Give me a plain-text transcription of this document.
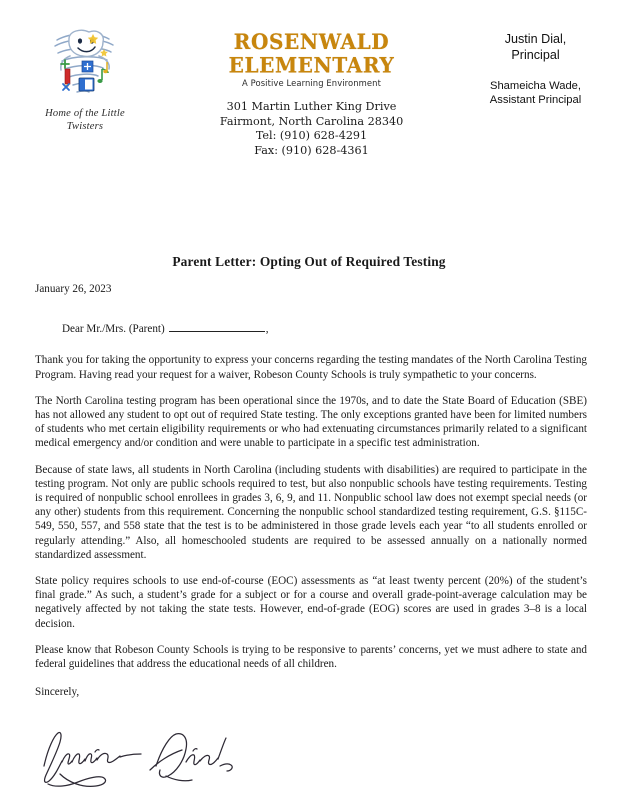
Home of the Little
Twisters
ROSENWALD ELEMENTARY
A Positive Learning Environment
301 Martin Luther King Drive
Fairmont, North Carolina 28340
Tel: (910) 628-4291
Fax: (910) 628-4361
Justin Dial,
Principal
Shameicha Wade,
Assistant Principal
Parent Letter: Opting Out of Required Testing

January 26, 2023

Dear Mr./Mrs. (Parent)	,

Thank you for taking the opportunity to express your concerns regarding the testing mandates of the North Carolina Testing Program. Having read your request for a waiver, Robeson County Schools is truly sympathetic to your concerns.

The North Carolina testing program has been operational since the 1970s, and to date the State Board of Education (SBE) has not allowed any student to opt out of required State testing. The only exceptions granted have been for limited numbers of students who met certain eligibility requirements or who had extenuating circumstances primarily related to a significant medical emergency and/or condition and were unable to participate in a specific test administration.

Because of state laws, all students in North Carolina (including students with disabilities) are required to participate in the testing program. Not only are public schools required to test, but also nonpublic schools have testing requirements. Testing is required of nonpublic school enrollees in grades 3, 6, 9, and 11. Nonpublic school law does not exempt special needs (or any other) students from this requirement. Concerning the nonpublic school standardized testing requirement, G.S. §115C-549, 550, 557, and 558 state that the test is to be administered in those grade levels each year “to all students enrolled or regularly attending.” Also, all homeschooled students are required to be assessed annually on a nationally normed standardized assessment.

State policy requires schools to use end-of-course (EOC) assessments as “at least twenty percent (20%) of the student’s final grade.” As such, a student’s grade for a subject or for a course and overall grade-point-average calculation may be negatively affected by not taking the state tests. However, end-of-grade (EOG) scores are used in grades 3–8 is a local decision.

Please know that Robeson County Schools is trying to be responsive to parents’ concerns, yet we must adhere to state and federal guidelines that address the educational needs of all children.

Sincerely,
